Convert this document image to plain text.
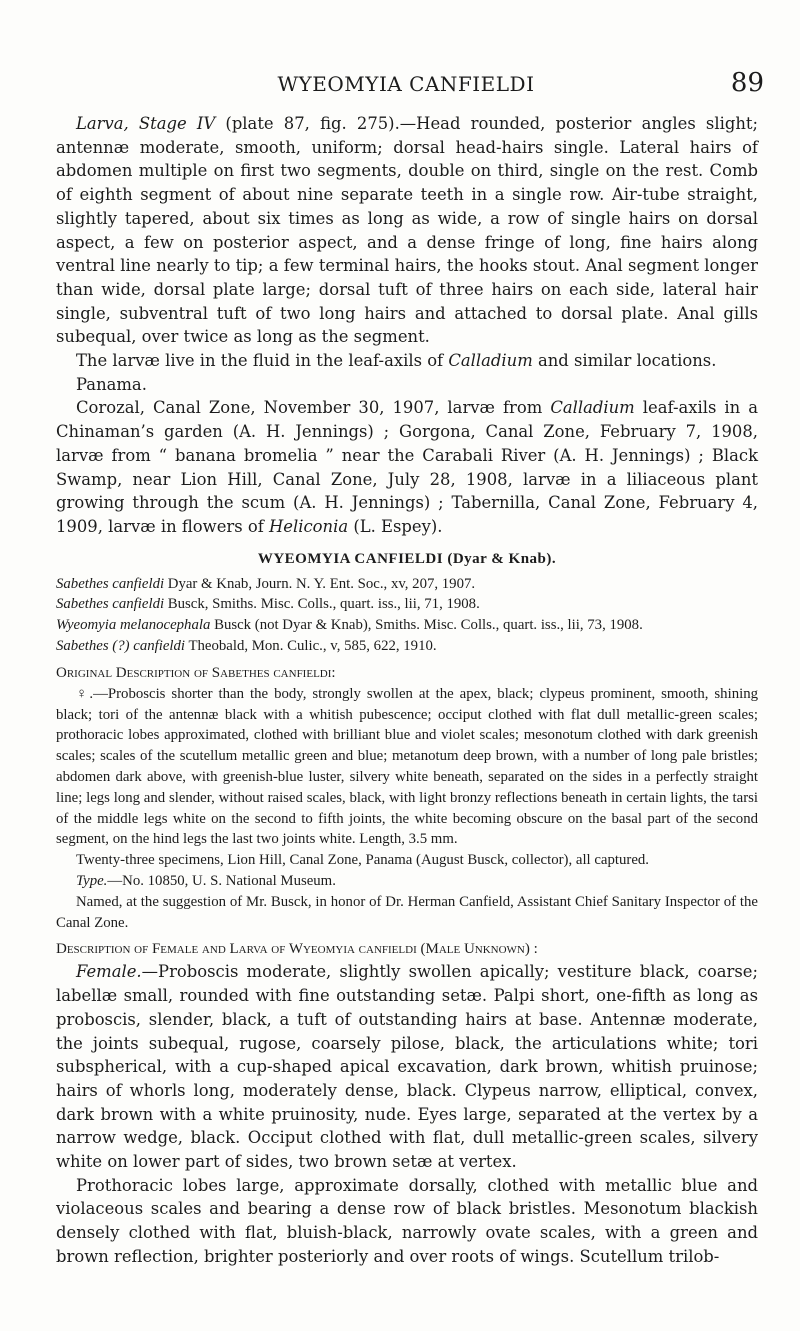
WYEOMYIA CANFIELDI	89

Larva, Stage IV (plate 87, fig. 275).—Head rounded, posterior angles slight; antennæ moderate, smooth, uniform; dorsal head-hairs single. Lateral hairs of abdomen multiple on first two segments, double on third, single on the rest. Comb of eighth segment of about nine separate teeth in a single row. Air-tube straight, slightly tapered, about six times as long as wide, a row of single hairs on dorsal aspect, a few on posterior aspect, and a dense fringe of long, fine hairs along ventral line nearly to tip; a few terminal hairs, the hooks stout. Anal segment longer than wide, dorsal plate large; dorsal tuft of three hairs on each side, lateral hair single, subventral tuft of two long hairs and attached to dorsal plate. Anal gills subequal, over twice as long as the segment.

The larvæ live in the fluid in the leaf-axils of Calladium and similar locations.

Panama.

Corozal, Canal Zone, November 30, 1907, larvæ from Calladium leaf-axils in a Chinaman’s garden (A. H. Jennings) ; Gorgona, Canal Zone, February 7, 1908, larvæ from “ banana bromelia ” near the Carabali River (A. H. Jennings) ; Black Swamp, near Lion Hill, Canal Zone, July 28, 1908, larvæ in a liliaceous plant growing through the scum (A. H. Jennings) ; Tabernilla, Canal Zone, February 4, 1909, larvæ in flowers of Heliconia (L. Espey).

WYEOMYIA CANFIELDI (Dyar & Knab).

Sabethes canfieldi Dyar & Knab, Journ. N. Y. Ent. Soc., xv, 207, 1907.

Sabethes canfieldi Busck, Smiths. Misc. Colls., quart. iss., lii, 71, 1908.

Wyeomyia melanocephala Busck (not Dyar & Knab), Smiths. Misc. Colls., quart. iss., lii, 73, 1908.

Sabethes (?) canfieldi Theobald, Mon. Culic., v, 585, 622, 1910.

Original Description of Sabethes canfieldi:

♀.—Proboscis shorter than the body, strongly swollen at the apex, black; clypeus prominent, smooth, shining black; tori of the antennæ black with a whitish pubescence; occiput clothed with flat dull metallic-green scales; prothoracic lobes approximated, clothed with brilliant blue and violet scales; mesonotum clothed with dark greenish scales; scales of the scutellum metallic green and blue; metanotum deep brown, with a number of long pale bristles; abdomen dark above, with greenish-blue luster, silvery white beneath, separated on the sides in a perfectly straight line; legs long and slender, without raised scales, black, with light bronzy reflections beneath in certain lights, the tarsi of the middle legs white on the second to fifth joints, the white becoming obscure on the basal part of the second segment, on the hind legs the last two joints white. Length, 3.5 mm.

Twenty-three specimens, Lion Hill, Canal Zone, Panama (August Busck, collector), all captured.

Type.—No. 10850, U. S. National Museum.

Named, at the suggestion of Mr. Busck, in honor of Dr. Herman Canfield, Assistant Chief Sanitary Inspector of the Canal Zone.

Description of Female and Larva of Wyeomyia canfieldi (Male Unknown) :

Female.—Proboscis moderate, slightly swollen apically; vestiture black, coarse; labellæ small, rounded with fine outstanding setæ. Palpi short, one-fifth as long as proboscis, slender, black, a tuft of outstanding hairs at base. Antennæ moderate, the joints subequal, rugose, coarsely pilose, black, the articulations white; tori subspherical, with a cup-shaped apical excavation, dark brown, whitish pruinose; hairs of whorls long, moderately dense, black. Clypeus narrow, elliptical, convex, dark brown with a white pruinosity, nude. Eyes large, separated at the vertex by a narrow wedge, black. Occiput clothed with flat, dull metallic-green scales, silvery white on lower part of sides, two brown setæ at vertex.

Prothoracic lobes large, approximate dorsally, clothed with metallic blue and violaceous scales and bearing a dense row of black bristles. Mesonotum blackish densely clothed with flat, bluish-black, narrowly ovate scales, with a green and brown reflection, brighter posteriorly and over roots of wings. Scutellum trilob-
